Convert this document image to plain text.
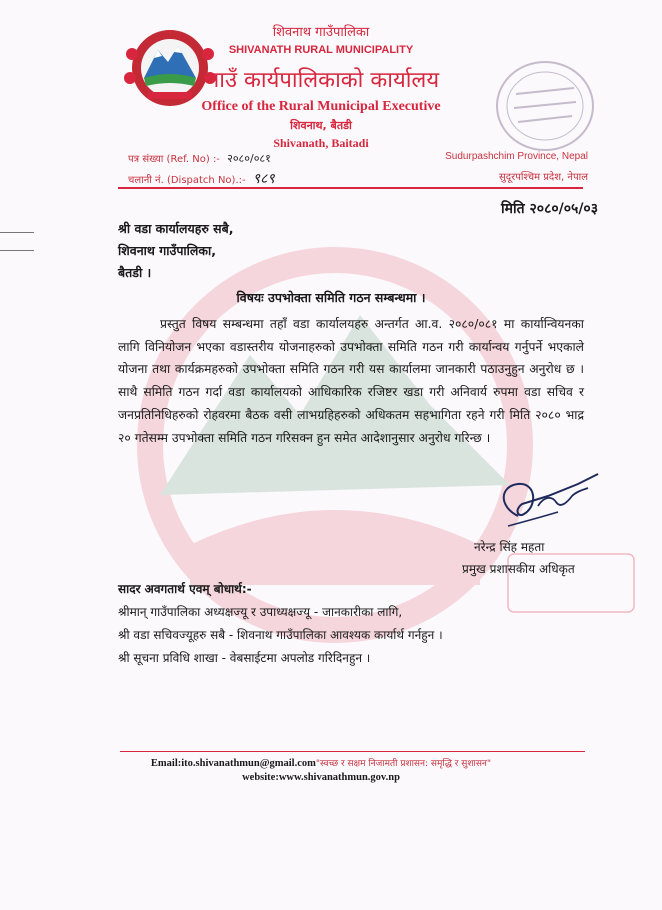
शिवनाथ गाउँपालिका
SHIVANATH RURAL MUNICIPALITY
गाउँ कार्यपालिकाको कार्यालय
Office of the Rural Municipal Executive
शिवनाथ, बैतडी
Shivanath, Baitadi
पत्र संख्या (Ref. No) :- २०८०/०८१
चलानी नं. (Dispatch No).:- ९८९
Sudurpashchim Province, Nepal
सुदूरपश्चिम प्रदेश, नेपाल
मिति २०८०/०५/०३
श्री वडा कार्यालयहरु सबै,
शिवनाथ गाउँपालिका,
बैतडी ।
विषयः उपभोक्ता समिति गठन सम्बन्धमा ।
प्रस्तुत विषय सम्बन्धमा तहाँ वडा कार्यालयहरु अन्तर्गत आ.व. २०८०/०८१ मा कार्यान्वियनका लागि विनियोजन भएका वडास्तरीय योजनाहरुको उपभोक्ता समिति गठन गरी कार्यान्वय गर्नुपर्ने भएकाले योजना तथा कार्यक्रमहरुको उपभोक्ता समिति गठन गरी यस कार्यालमा जानकारी पठाउनुहुन अनुरोध छ । साथै समिति गठन गर्दा वडा कार्यालयको आधिकारिक रजिष्टर खडा गरी अनिवार्य रुपमा वडा सचिव र जनप्रतिनिधिहरुको रोहवरमा बैठक वसी लाभग्रहिहरुको अधिकतम सहभागिता रहने गरी मिति २०८० भाद्र २० गतेसम्म उपभोक्ता समिति गठन गरिसक्न हुन समेत आदेशानुसार अनुरोध गरिन्छ ।
नरेन्द्र सिंह महता
प्रमुख प्रशासकीय अधिकृत
सादर अवगतार्थ एवम् बोधार्थ:-
श्रीमान् गाउँपालिका अध्यक्षज्यू र उपाध्यक्षज्यू - जानकारीका लागि,
श्री वडा सचिवज्यूहरु सबै - शिवनाथ गाउँपालिका आवश्यक कार्यार्थ गर्नहुन ।
श्री सूचना प्रविधि शाखा - वेबसाईटमा अपलोड गरिदिनहुन ।
Email:ito.shivanathmun@gmail.com"स्वच्छ र सक्षम निजामती प्रशासन: समृद्धि र सुशासन"
website:www.shivanathmun.gov.np
